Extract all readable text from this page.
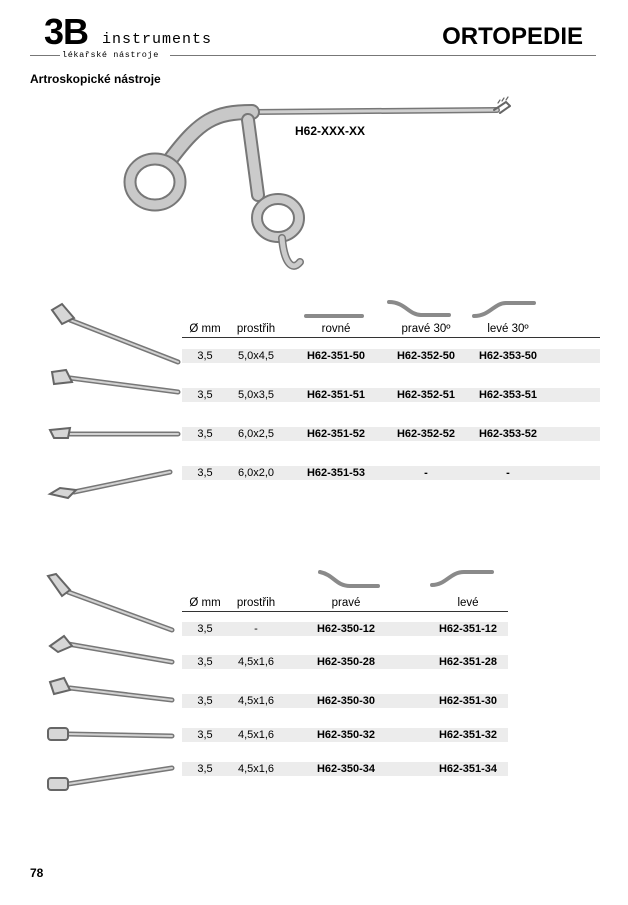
3B instruments
lékařské nástroje
ORTOPEDIE
Artroskopické nástroje
H62-XXX-XX
Ø mm	prostřih	rovné	pravé 30º	levé 30º
3,5	5,0x4,5	H62-351-50	H62-352-50	H62-353-50
3,5	5,0x3,5	H62-351-51	H62-352-51	H62-353-51
3,5	6,0x2,5	H62-351-52	H62-352-52	H62-353-52
3,5	6,0x2,0	H62-351-53	-	-
Ø mm	prostřih	pravé	levé
3,5	-	H62-350-12	H62-351-12
3,5	4,5x1,6	H62-350-28	H62-351-28
3,5	4,5x1,6	H62-350-30	H62-351-30
3,5	4,5x1,6	H62-350-32	H62-351-32
3,5	4,5x1,6	H62-350-34	H62-351-34
78
